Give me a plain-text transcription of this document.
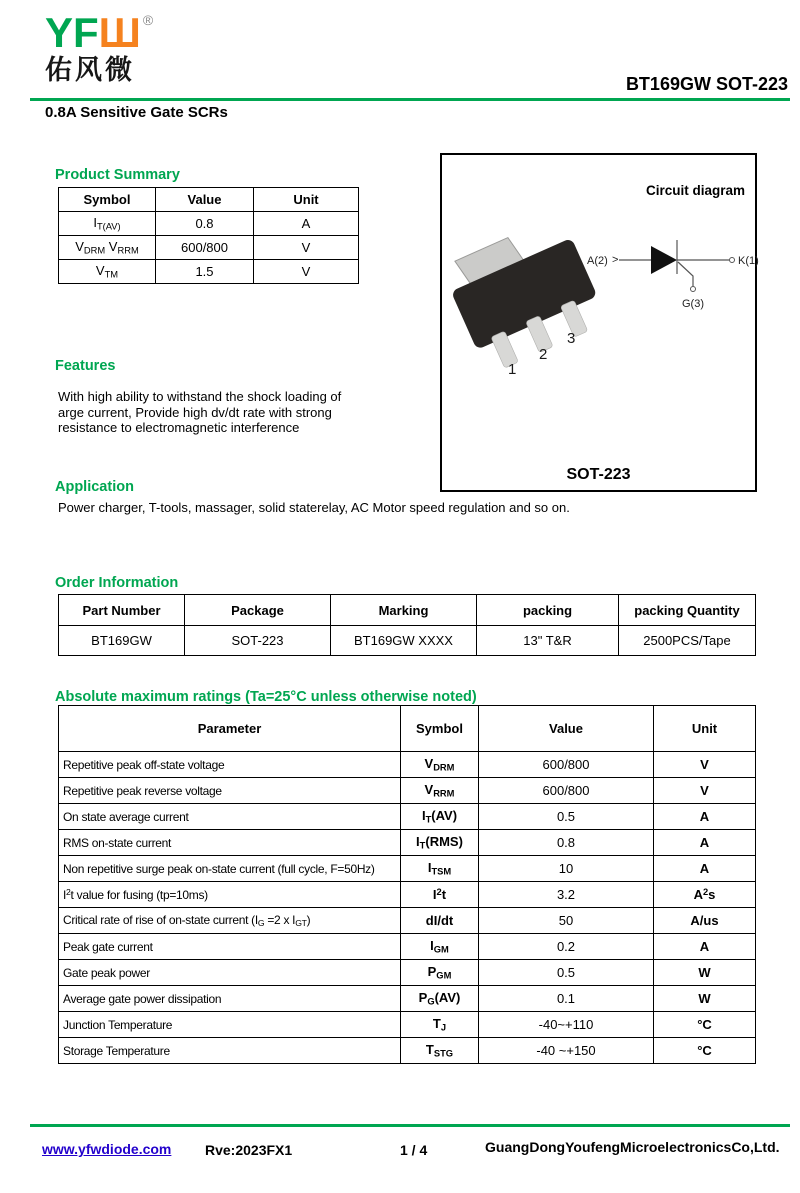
YFШ ®
佑风微	BT169GW SOT-223
0.8A Sensitive Gate SCRs
Product Summary
Symbol	Value	Unit
$I_{T(AV)}$	0.8	A
$V_{DRM}$ $V_{RRM}$	600/800	V
$V_{TM}$	1.5	V
Circuit diagram
1
2
3
A(2) >	K(1)
G(3)
SOT-223
Features
With high ability to withstand the shock loading of
arge current, Provide high dv/dt rate with strong
resistance to electromagnetic interference
Application
Power charger, T-tools, massager, solid staterelay, AC Motor speed regulation and so on.
Order Information
Part Number	Package	Marking	packing	packing Quantity
BT169GW	SOT-223	BT169GW XXXX	13" T&R	2500PCS/Tape
Absolute maximum ratings (Ta=25°C unless otherwise noted)
Parameter	Symbol	Value	Unit
Repetitive peak off-state voltage	$V_{DRM}$	600/800	V
Repetitive peak reverse voltage	$V_{RRM}$	600/800	V
On state average current	$I_T(AV)$	0.5	A
RMS on-state current	$I_T(RMS)$	0.8	A
Non repetitive surge peak on-state current (full cycle, F=50Hz)	$I_{TSM}$	10	A
$I^2t$ value for fusing (tp=10ms)	$I^2t$	3.2	$A^2s$
Critical rate of rise of on-state current ($I_G =2$ x $I_{GT}$)	dI/dt	50	A/us
Peak gate current	$I_{GM}$	0.2	A
Gate peak power	$P_{GM}$	0.5	W
Average gate power dissipation	$P_G(AV)$	0.1	W
Junction Temperature	$T_J$	-40~+110	°C
Storage Temperature	$T_{STG}$	-40 ~+150	°C
www.yfwdiode.com Rve:2023FX1	1 / 4	GuangDongYoufengMicroelectronicsCo,Ltd.
